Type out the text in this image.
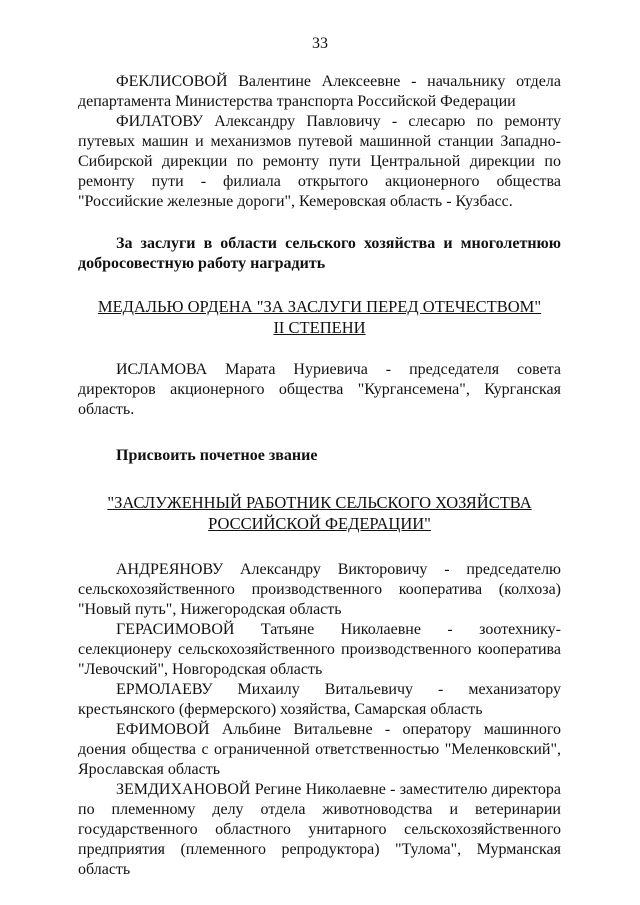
33

ФЕКЛИСОВОЙ Валентине Алексеевне - начальнику отдела департамента Министерства транспорта Российской Федерации

ФИЛАТОВУ Александру Павловичу - слесарю по ремонту путевых машин и механизмов путевой машинной станции Западно-Сибирской дирекции по ремонту пути Центральной дирекции по ремонту пути - филиала открытого акционерного общества "Российские железные дороги", Кемеровская область - Кузбасс.

За заслуги в области сельского хозяйства и многолетнюю добросовестную работу наградить

МЕДАЛЬЮ ОРДЕНА "ЗА ЗАСЛУГИ ПЕРЕД ОТЕЧЕСТВОМ"

II СТЕПЕНИ

ИСЛАМОВА Марата Нуриевича - председателя совета директоров акционерного общества "Кургансемена", Курганская область.

Присвоить почетное звание

"ЗАСЛУЖЕННЫЙ РАБОТНИК СЕЛЬСКОГО ХОЗЯЙСТВА

РОССИЙСКОЙ ФЕДЕРАЦИИ"

АНДРЕЯНОВУ Александру Викторовичу - председателю сельскохозяйственного производственного кооператива (колхоза) "Новый путь", Нижегородская область

ГЕРАСИМОВОЙ Татьяне Николаевне - зоотехнику-селекционеру сельскохозяйственного производственного кооператива "Левочский", Новгородская область

ЕРМОЛАЕВУ Михаилу Витальевичу - механизатору крестьянского (фермерского) хозяйства, Самарская область

ЕФИМОВОЙ Альбине Витальевне - оператору машинного доения общества с ограниченной ответственностью "Меленковский", Ярославская область

ЗЕМДИХАНОВОЙ Регине Николаевне - заместителю директора по племенному делу отдела животноводства и ветеринарии государственного областного унитарного сельскохозяйственного предприятия (племенного репродуктора) "Тулома", Мурманская область
